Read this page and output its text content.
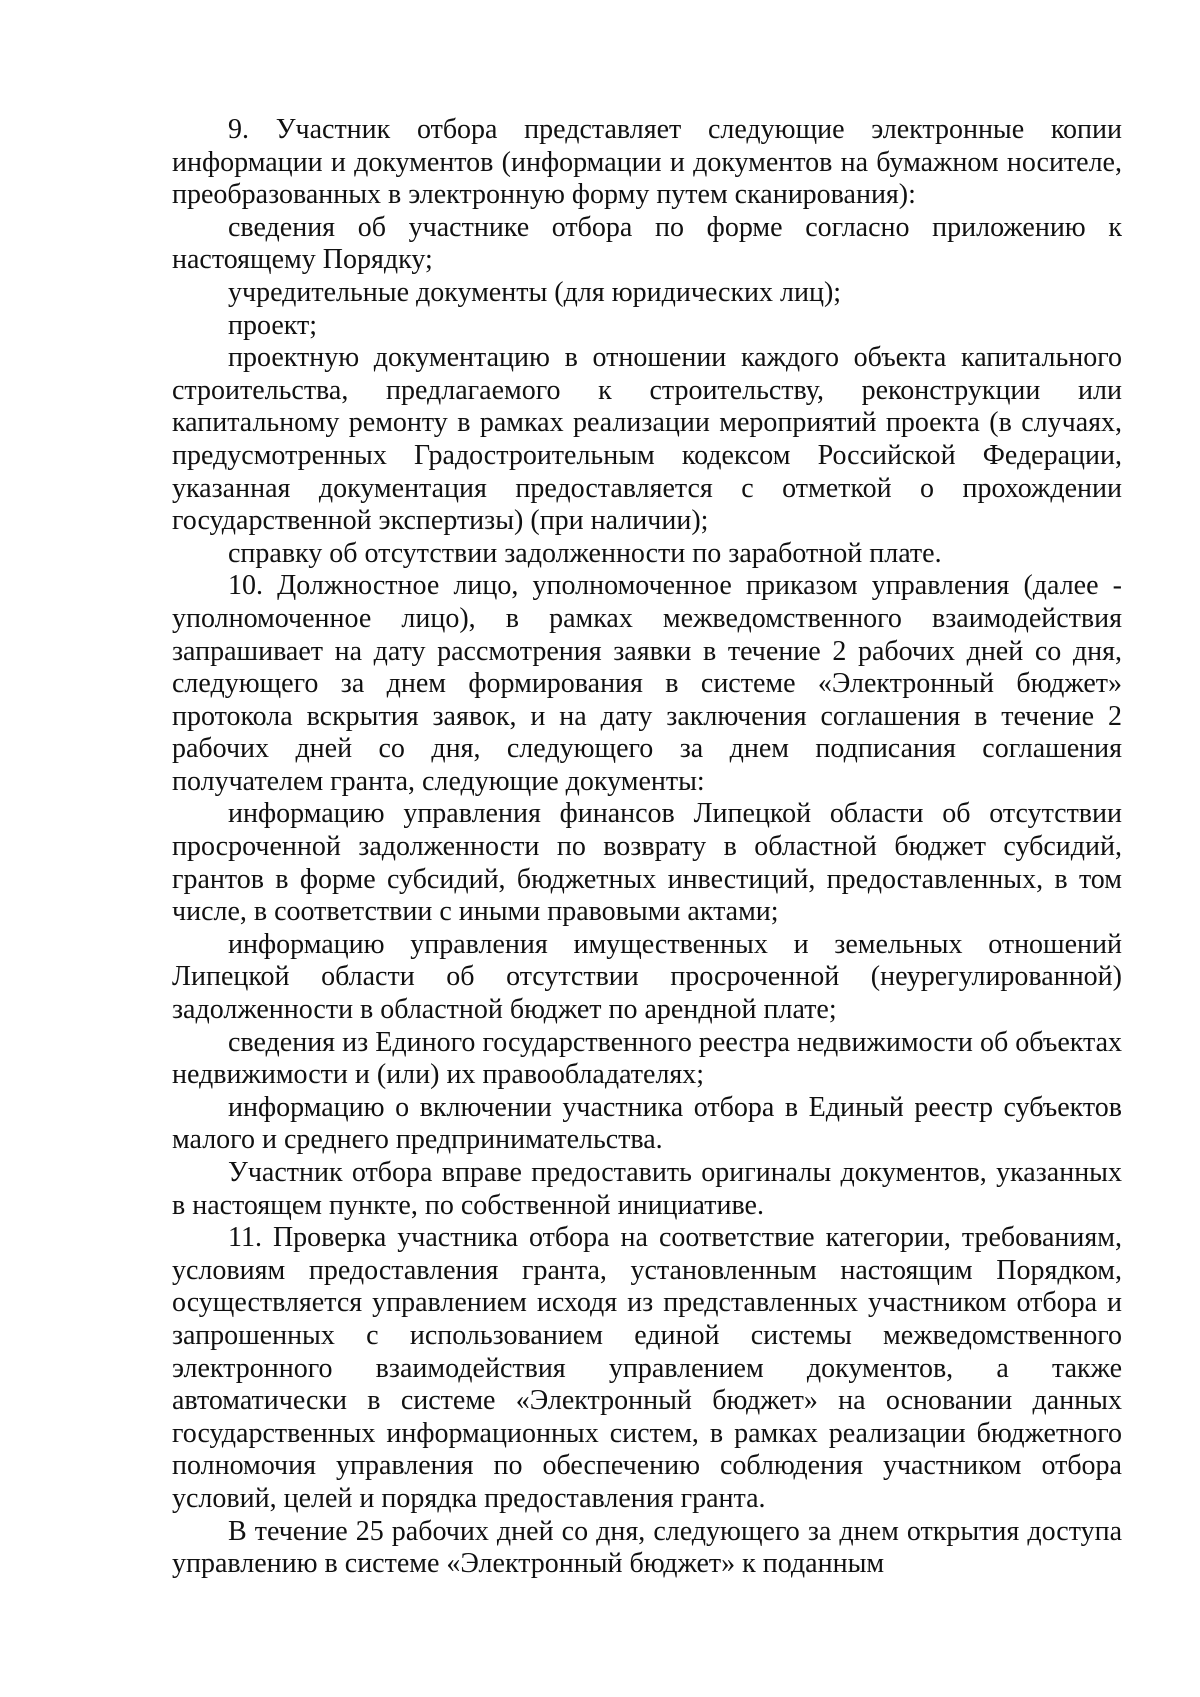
9. Участник отбора представляет следующие электронные копии информации и документов (информации и документов на бумажном носителе, преобразованных в электронную форму путем сканирования):

сведения об участнике отбора по форме согласно приложению к настоящему Порядку;

учредительные документы (для юридических лиц);

проект;

проектную документацию в отношении каждого объекта капитального строительства, предлагаемого к строительству, реконструкции или капитальному ремонту в рамках реализации мероприятий проекта (в случаях, предусмотренных Градостроительным кодексом Российской Федерации, указанная документация предоставляется с отметкой о прохождении государственной экспертизы) (при наличии);

справку об отсутствии задолженности по заработной плате.

10. Должностное лицо, уполномоченное приказом управления (далее - уполномоченное лицо), в рамках межведомственного взаимодействия запрашивает на дату рассмотрения заявки в течение 2 рабочих дней со дня, следующего за днем формирования в системе «Электронный бюджет» протокола вскрытия заявок, и на дату заключения соглашения в течение 2 рабочих дней со дня, следующего за днем подписания соглашения получателем гранта, следующие документы:

информацию управления финансов Липецкой области об отсутствии просроченной задолженности по возврату в областной бюджет субсидий, грантов в форме субсидий, бюджетных инвестиций, предоставленных, в том числе, в соответствии с иными правовыми актами;

информацию управления имущественных и земельных отношений Липецкой области об отсутствии просроченной (неурегулированной) задолженности в областной бюджет по арендной плате;

сведения из Единого государственного реестра недвижимости об объектах недвижимости и (или) их правообладателях;

информацию о включении участника отбора в Единый реестр субъектов малого и среднего предпринимательства.

Участник отбора вправе предоставить оригиналы документов, указанных в настоящем пункте, по собственной инициативе.

11. Проверка участника отбора на соответствие категории, требованиям, условиям предоставления гранта, установленным настоящим Порядком, осуществляется управлением исходя из представленных участником отбора и запрошенных с использованием единой системы межведомственного электронного взаимодействия управлением документов, а также автоматически в системе «Электронный бюджет» на основании данных государственных информационных систем, в рамках реализации бюджетного полномочия управления по обеспечению соблюдения участником отбора условий, целей и порядка предоставления гранта.

В течение 25 рабочих дней со дня, следующего за днем открытия доступа управлению в системе «Электронный бюджет» к поданным
